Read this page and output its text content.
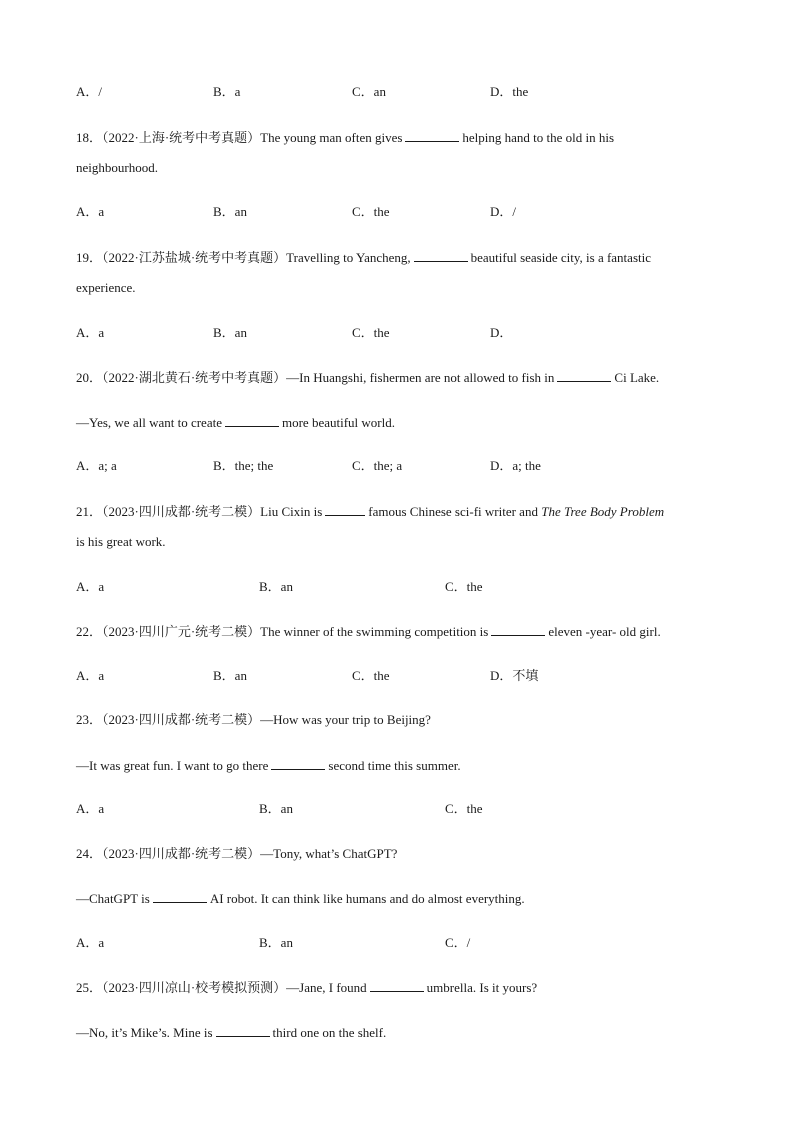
A．/	B．a	C．an	D．the
18．（2022·上海·统考中考真题）The young man often gives	helping hand to the old in his
neighbourhood.
A．a	B．an	C．the	D．/
19．（2022·江苏盐城·统考中考真题）Travelling to Yancheng,	beautiful seaside city, is a fantastic
experience.
A．a	B．an	C．the	D．
20．（2022·湖北黄石·统考中考真题）—In Huangshi, fishermen are not allowed to fish in	Ci Lake.
—Yes, we all want to create	more beautiful world.
A．a; a	B．the; the	C．the; a	D．a; the
21．（2023·四川成都·统考二模）Liu Cixin is	famous Chinese sci-fi writer and The Tree Body Problem
is his great work.
A．a	B．an	C．the
22．（2023·四川广元·统考二模）The winner of the swimming competition is	eleven -year- old girl.
A．a	B．an	C．the	D．不填
23．（2023·四川成都·统考二模）—How was your trip to Beijing?
—It was great fun. I want to go there	second time this summer.
A．a	B．an	C．the
24．（2023·四川成都·统考二模）—Tony, what’s ChatGPT?
—ChatGPT is	AI robot. It can think like humans and do almost everything.
A．a	B．an	C．/
25．（2023·四川凉山·校考模拟预测）—Jane, I found	umbrella. Is it yours?
—No, it’s Mike’s. Mine is	third one on the shelf.
